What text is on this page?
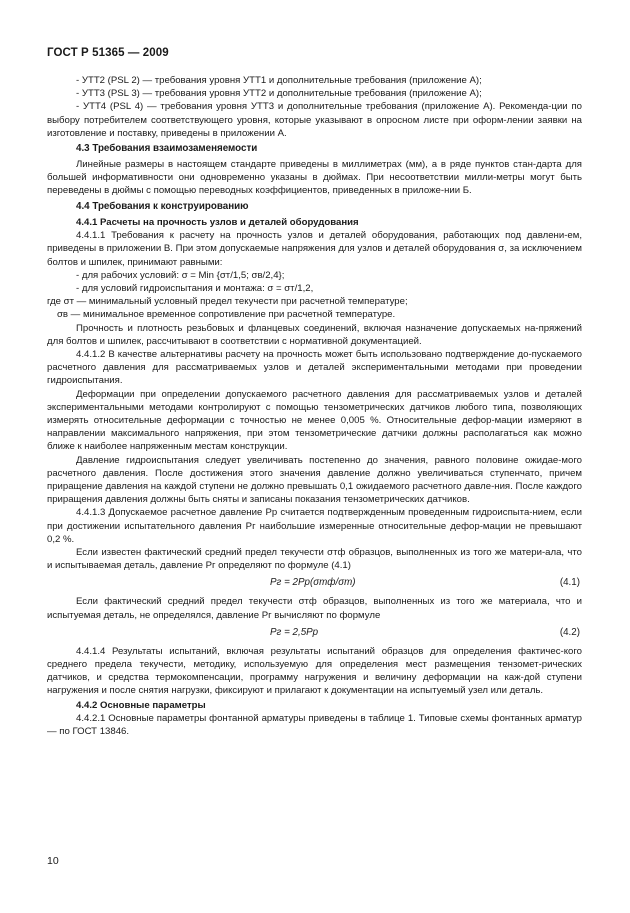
ГОСТ Р 51365 — 2009

- УТТ2 (PSL 2) — требования уровня УТТ1 и дополнительные требования (приложение А);

- УТТ3 (PSL 3) — требования уровня УТТ2 и дополнительные требования (приложение А);

- УТТ4 (PSL 4) — требования уровня УТТ3 и дополнительные требования (приложение А). Рекоменда-ции по выбору потребителем соответствующего уровня, которые указывают в опросном листе при оформ-лении заявки на изготовление и поставку, приведены в приложении А.

4.3 Требования взаимозаменяемости

Линейные размеры в настоящем стандарте приведены в миллиметрах (мм), а в ряде пунктов стан-дарта для большей информативности они одновременно указаны в дюймах. При несоответствии милли-метры могут быть переведены в дюймы с помощью переводных коэффициентов, приведенных в приложе-нии Б.

4.4 Требования к конструированию
4.4.1 Расчеты на прочность узлов и деталей оборудования

4.4.1.1 Требования к расчету на прочность узлов и деталей оборудования, работающих под давлени-ем, приведены в приложении В. При этом допускаемые напряжения для узлов и деталей оборудования σ, за исключением болтов и шпилек, принимают равными:

- для рабочих условий: σ = Min {σт/1,5; σв/2,4};

- для условий гидроиспытания и монтажа: σ = σт/1,2,

где σт — минимальный условный предел текучести при расчетной температуре;

σв — минимальное временное сопротивление при расчетной температуре.

Прочность и плотность резьбовых и фланцевых соединений, включая назначение допускаемых на-пряжений для болтов и шпилек, рассчитывают в соответствии с нормативной документацией.

4.4.1.2 В качестве альтернативы расчету на прочность может быть использовано подтверждение до-пускаемого расчетного давления для рассматриваемых узлов и деталей экспериментальными методами при проведении гидроиспытания.

Деформации при определении допускаемого расчетного давления для рассматриваемых узлов и деталей экспериментальными методами контролируют с помощью тензометрических датчиков любого типа, позволяющих измерять относительные деформации с точностью не менее 0,005 %. Относительные дефор-мации измеряют в направлении максимального напряжения, при этом тензометрические датчики должны располагаться как можно ближе к наиболее напряженным местам конструкции.

Давление гидроиспытания следует увеличивать постепенно до значения, равного половине ожидае-мого расчетного давления. После достижения этого значения давление должно увеличиваться ступенчато, причем приращение давления на каждой ступени не должно превышать 0,1 ожидаемого расчетного давле-ния. После каждого приращения давления должны быть сняты и записаны показания тензометрических датчиков.

4.4.1.3 Допускаемое расчетное давление Pр считается подтвержденным проведенным гидроиспыта-нием, если при достижении испытательного давления Pг наибольшие измеренные относительные дефор-мации не превышают 0,2 %.

Если известен фактический средний предел текучести σтф образцов, выполненных из того же матери-ала, что и испытываемая деталь, давление Pг определяют по формуле (4.1)

Pг = 2Pр(σтф/σт)	(4.1)

Если фактический средний предел текучести σтф образцов, выполненных из того же материала, что и испытуемая деталь, не определялся, давление Pг вычисляют по формуле

Pг = 2,5Pр	(4.2)

4.4.1.4 Результаты испытаний, включая результаты испытаний образцов для определения фактичес-кого среднего предела текучести, методику, используемую для определения мест размещения тензомет-рических датчиков, и средства термокомпенсации, программу нагружения и величину деформации на каж-дой ступени нагружения и после снятия нагрузки, фиксируют и прилагают к документации на испытуемый узел или деталь.

4.4.2 Основные параметры

4.4.2.1 Основные параметры фонтанной арматуры приведены в таблице 1. Типовые схемы фонтанных арматур — по ГОСТ 13846.

10
